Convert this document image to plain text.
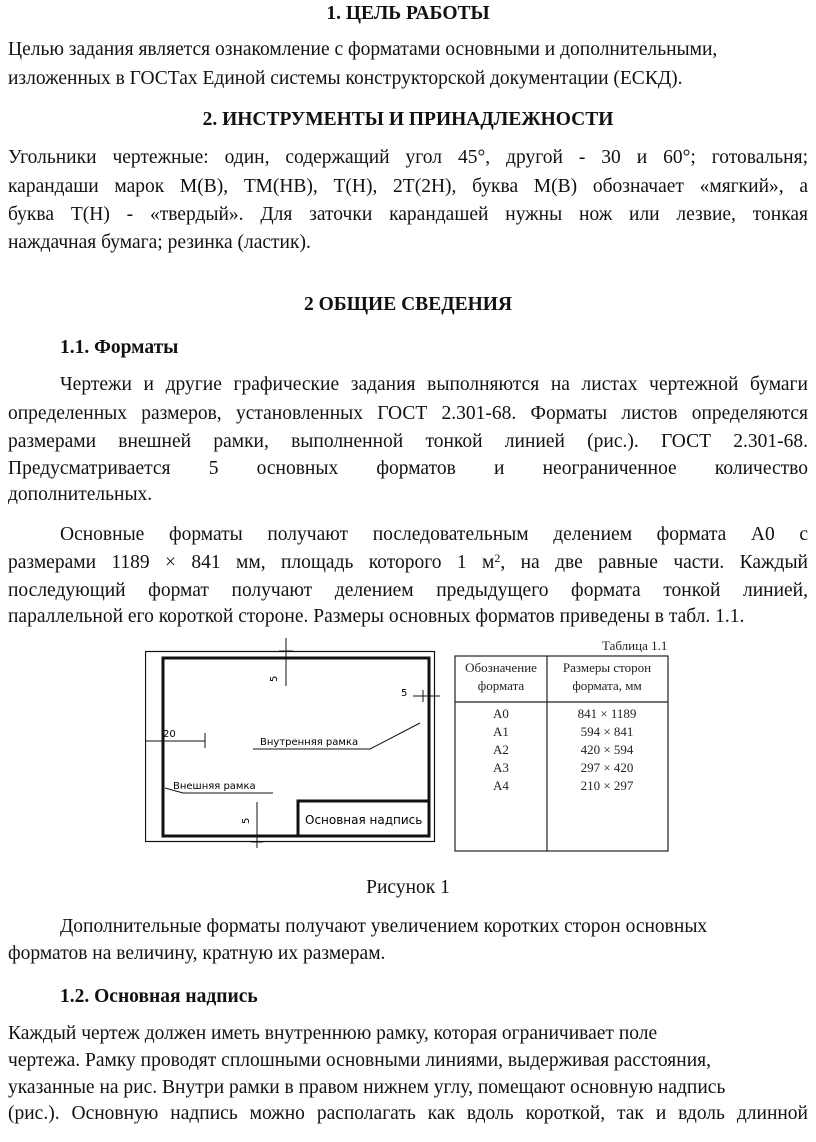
1. ЦЕЛЬ РАБОТЫ
Целью задания является ознакомление с форматами основными и дополнительными,
изложенных в ГОСТах Единой системы конструкторской документации (ЕСКД).
2. ИНСТРУМЕНТЫ И ПРИНАДЛЕЖНОСТИ
Угольники чертежные: один, содержащий угол 45°, другой - 30 и 60°; готовальня;
карандаши марок М(В), ТМ(НВ), Т(Н), 2Т(2Н), буква М(В) обозначает «мягкий», а
буква Т(Н) - «твердый». Для заточки карандашей нужны нож или лезвие, тонкая
наждачная бумага; резинка (ластик).
2 ОБЩИЕ СВЕДЕНИЯ
1.1. Форматы
Чертежи и другие графические задания выполняются на листах чертежной бумаги
определенных размеров, установленных ГОСТ 2.301-68. Форматы листов определяются
размерами внешней рамки, выполненной тонкой линией (рис.). ГОСТ 2.301-68.
Предусматривается 5 основных форматов и неограниченное количество
дополнительных.
Основные форматы получают последовательным делением формата А0 с
размерами 1189 × 841 мм, площадь которого 1 $м^2$, на две равные части. Каждый
последующий формат получают делением предыдущего формата тонкой линией,
параллельной его короткой стороне. Размеры основных форматов приведены в табл. 1.1.
20
5
5
5
Внутренняя рамка
Внешняя рамка
Основная надпись
Таблица 1.1
Обозначение
формата
Размеры сторон
формата, мм
А0	841 × 1189
А1	594 × 841
А2	420 × 594
А3	297 × 420
А4	210 × 297
Рисунок 1
Дополнительные форматы получают увеличением коротких сторон основных
форматов на величину, кратную их размерам.
1.2. Основная надпись
Каждый чертеж должен иметь внутреннюю рамку, которая ограничивает поле
чертежа. Рамку проводят сплошными основными линиями, выдерживая расстояния,
указанные на рис. Внутри рамки в правом нижнем углу, помещают основную надпись
(рис.). Основную надпись можно располагать как вдоль короткой, так и вдоль длинной
